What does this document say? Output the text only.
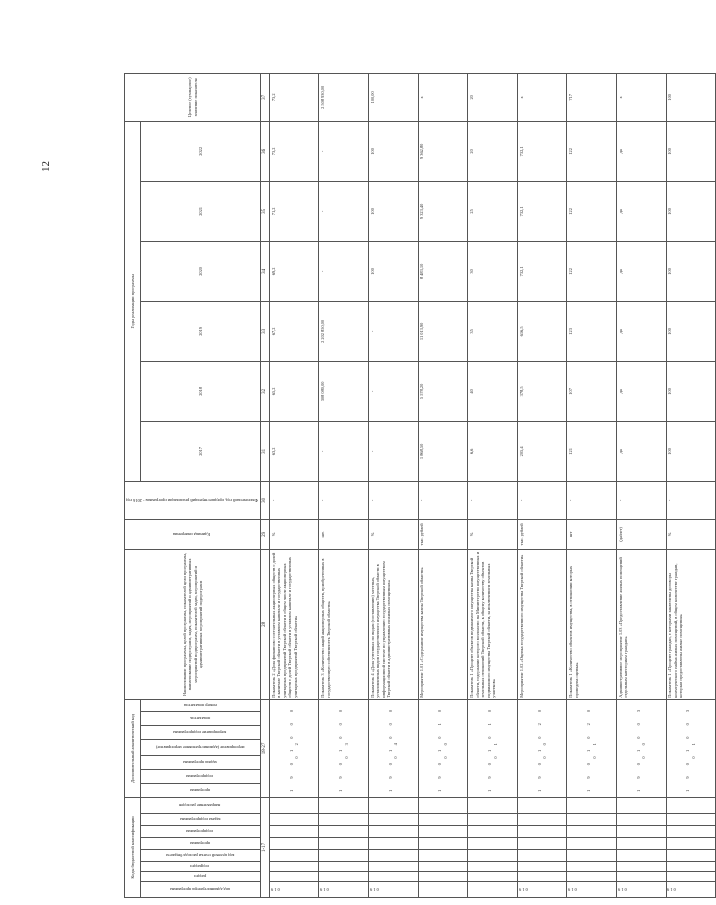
12
Коды бюджетной классификации								Дополнительный аналитический код							Наименование программы, целей программы, показателей цели программы, наименование подпрограмм, задач, мероприятий и административных мероприятий подпрограмм, показателей задач, мероприятий и административных мероприятий подпрограмм	Единица измерения	Фактический год, предшествующий реализации программы - 2016 год	Годы реализации программы						Целевое (суммарное) значение показателя
код администратора программы	раздел	подраздел	код целевой статьи расхода бюджета	программа	подпрограмма	задача подпрограммы	направление расходов	программа	подпрограмма	задача программы	мероприятие (административное мероприятие)	мероприятие подпрограммы	показатель	номер показателя				2017	2018	2019	2020	2021	2022	
1-17								18-27							28	29	30	31	32	33	34	35	36	37
0 1 9								1 9 0 1 0 0 0 0 2							Показатель 2 «Доля финансово состоятельных акционерных обществ с долей в капитале Тверской области в уставном капитале и государственных унитарных предприятий Тверской области в общем числе акционерных обществ с долей Тверской области в уставном капитале и государственных унитарных предприятий Тверской области»	%	-	63,2	65,2	67,2	69,2	71,2	73,2	73,2
0 1 9								1 9 0 1 0 0 0 0 3							Показатель 3 «Количество акций акционерных обществ, приобретенных в государственную собственность Тверской области»	шт.	-	-	308 080,00	2 202 850,00	-	-	-	2 508 930,00
0 1 9								1 9 0 1 0 0 0 0 4							Показатель 4 «Доля учтенных по видам (составлению) местных, установленных видов государственного имущества Тверской области в информационной системе по управлению государственным имуществом Тверской области в административных нежилых помещениях»	%	-	-	-	-	100	100	100	100,00
								1 9 0 1 0 1 0 0 0							Мероприятие 1.01 «Содержание имущества казны Тверской области»	тыс. рублей	-	1 868,50	5 578,20	11 013,90	8 483,10	9 323,40	9 362,80	х
								1 9 0 1 0 1 0 0 1							Показатель 1 «Процент объектов недвижимого имущества казны Тверской области, содержание которого возложено на Министерство имущественных и земельных отношений Тверской области, к общему количеству объектов недвижимого имущества Тверской области, за исключением земельных участков»	%	-	6,6	40	35	30	25	20	20
0 1 9								1 9 0 1 0 2 0 0 0							Мероприятие 1.02 «Оценка государственного имущества Тверской области»	тыс. рублей	-	205,4	378,5	616,5	732,1	732,1	732,1	х
0 1 9								1 9 0 1 0 2 0 0 1							Показатель 1 «Количество объектов имущества, в отношении которых проведена оценка»	шт	-	121	107	123	122	122	122	717
0 1 9								1 9 0 1 0 0 3 0 0							Административное мероприятие 1.03 «Предоставление жилых помещений отдельным категориям граждан»	(да/нет)	-	да	да	да	да	да	да	х
0 1 9								1 9 0 1 0 0 3 0 1							Показатель 1 «Процент граждан, с которыми заключены договоры коммерческого найма жилых помещений, в общем количестве граждан, которым предоставлены жилые помещения»	%	-	100	100	100	100	100	100	100
